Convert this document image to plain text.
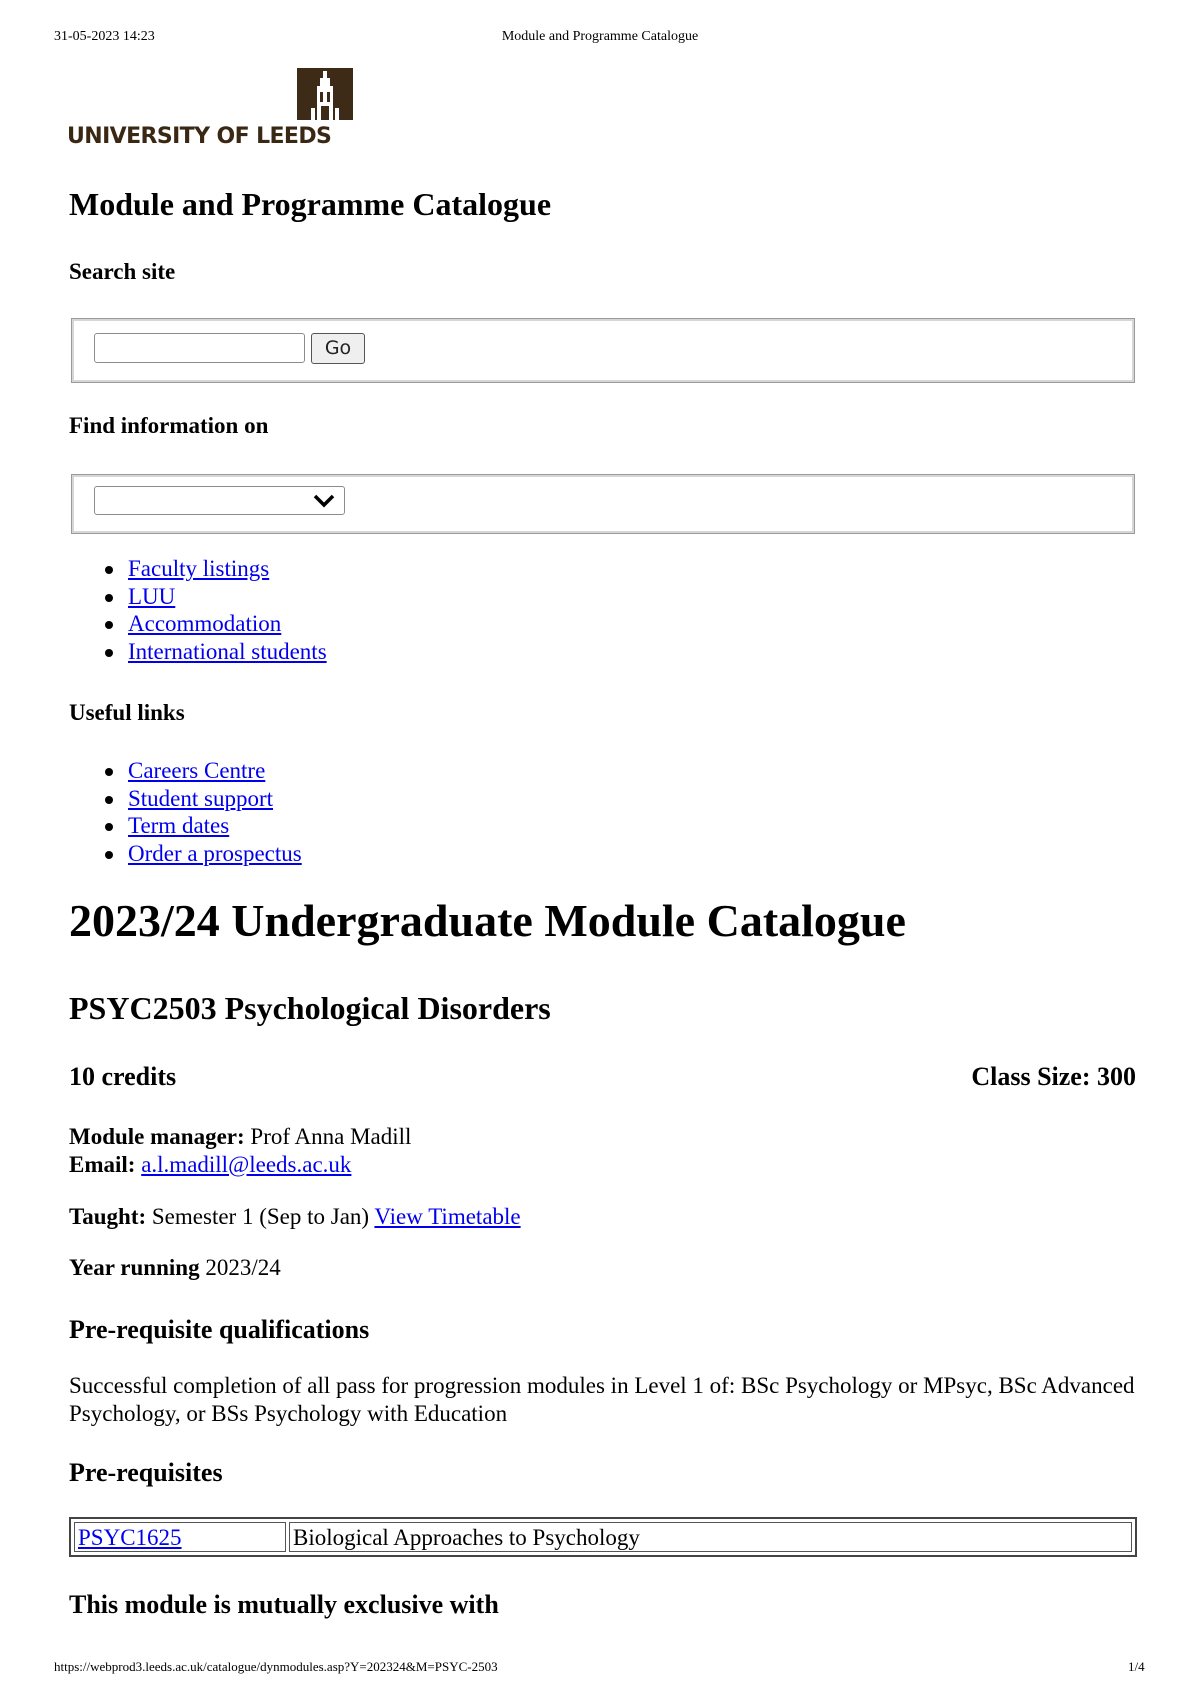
31-05-2023 14:23	Module and Programme Catalogue
UNIVERSITY OF LEEDS
Module and Programme Catalogue

Search site

Go

Find information on

Faculty listings
LUU
Accommodation
International students

Useful links

Careers Centre
Student support
Term dates
Order a prospectus
2023/24 Undergraduate Module Catalogue
PSYC2503 Psychological Disorders
10 credits	Class Size: 300
Module manager: Prof Anna Madill
Email: a.l.madill@leeds.ac.uk
Taught: Semester 1 (Sep to Jan) View Timetable
Year running 2023/24
Pre-requisite qualifications

Successful completion of all pass for progression modules in Level 1 of: BSc Psychology or MPsyc, BSc Advanced Psychology, or BSs Psychology with Education

Pre-requisites
PSYC1625	Biological Approaches to Psychology
This module is mutually exclusive with
https://webprod3.leeds.ac.uk/catalogue/dynmodules.asp?Y=202324&M=PSYC-2503	1/4
